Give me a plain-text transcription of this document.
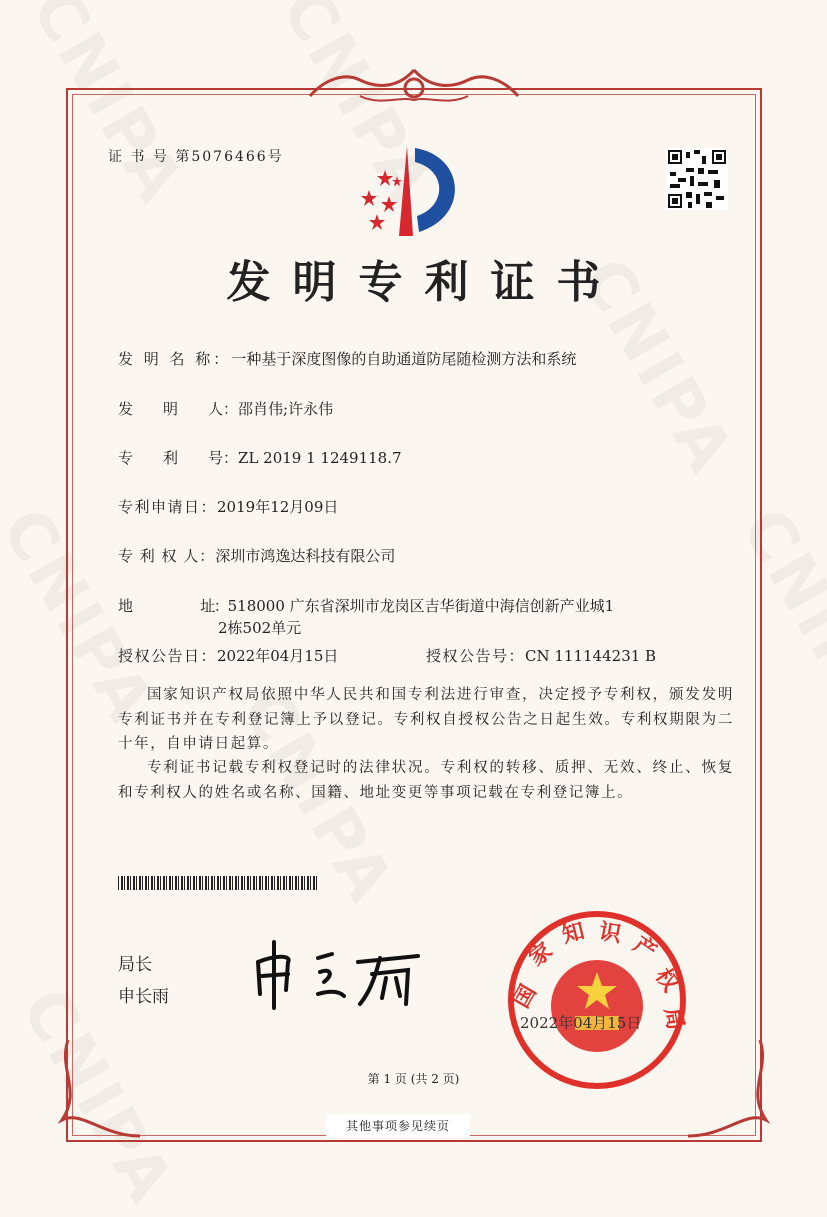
证 书 号 第5076466号
发明专利证书
发 明 名 称：一种基于深度图像的自助通道防尾随检测方法和系统
发　　明　　人：邵肖伟;许永伟
专　　利　　号：ZL 2019 1 1249118.7
专利申请日：2019年12月09日
专 利 权 人：深圳市鸿逸达科技有限公司
地　　　　　址：518000 广东省深圳市龙岗区吉华街道中海信创新产业城1
2栋502单元
授权公告日：2022年04月15日	授权公告号：CN 111144231 B
国家知识产权局依照中华人民共和国专利法进行审查，决定授予专利权，颁发发明专利证书并在专利登记簿上予以登记。专利权自授权公告之日起生效。专利权期限为二十年，自申请日起算。
专利证书记载专利权登记时的法律状况。专利权的转移、质押、无效、终止、恢复和专利权人的姓名或名称、国籍、地址变更等事项记载在专利登记簿上。
局长
申长雨	国
家
知 识 产
权
局
2022年04月15日
第 1 页 (共 2 页)
其他事项参见续页
